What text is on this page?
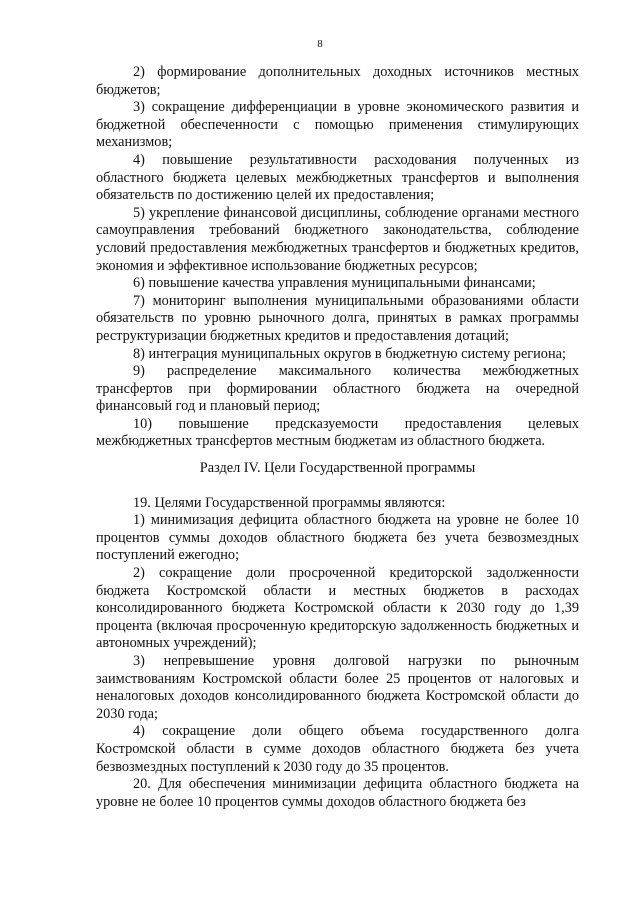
8

2) формирование дополнительных доходных источников местных бюджетов;

3) сокращение дифференциации в уровне экономического развития и бюджетной обеспеченности с помощью применения стимулирующих механизмов;

4) повышение результативности расходования полученных из областного бюджета целевых межбюджетных трансфертов и выполнения обязательств по достижению целей их предоставления;

5) укрепление финансовой дисциплины, соблюдение органами местного самоуправления требований бюджетного законодательства, соблюдение условий предоставления межбюджетных трансфертов и бюджетных кредитов, экономия и эффективное использование бюджетных ресурсов;

6) повышение качества управления муниципальными финансами;

7) мониторинг выполнения муниципальными образованиями области обязательств по уровню рыночного долга, принятых в рамках программы реструктуризации бюджетных кредитов и предоставления дотаций;

8) интеграция муниципальных округов в бюджетную систему региона;

9) распределение максимального количества межбюджетных трансфертов при формировании областного бюджета на очередной финансовый год и плановый период;

10) повышение предсказуемости предоставления целевых межбюджетных трансфертов местным бюджетам из областного бюджета.

Раздел IV. Цели Государственной программы

19. Целями Государственной программы являются:

1) минимизация дефицита областного бюджета на уровне не более 10 процентов суммы доходов областного бюджета без учета безвозмездных поступлений ежегодно;

2) сокращение доли просроченной кредиторской задолженности бюджета Костромской области и местных бюджетов в расходах консолидированного бюджета Костромской области к 2030 году до 1,39 процента (включая просроченную кредиторскую задолженность бюджетных и автономных учреждений);

3) непревышение уровня долговой нагрузки по рыночным заимствованиям Костромской области более 25 процентов от налоговых и неналоговых доходов консолидированного бюджета Костромской области до 2030 года;

4) сокращение доли общего объема государственного долга Костромской области в сумме доходов областного бюджета без учета безвозмездных поступлений к 2030 году до 35 процентов.

20. Для обеспечения минимизации дефицита областного бюджета на уровне не более 10 процентов суммы доходов областного бюджета без
